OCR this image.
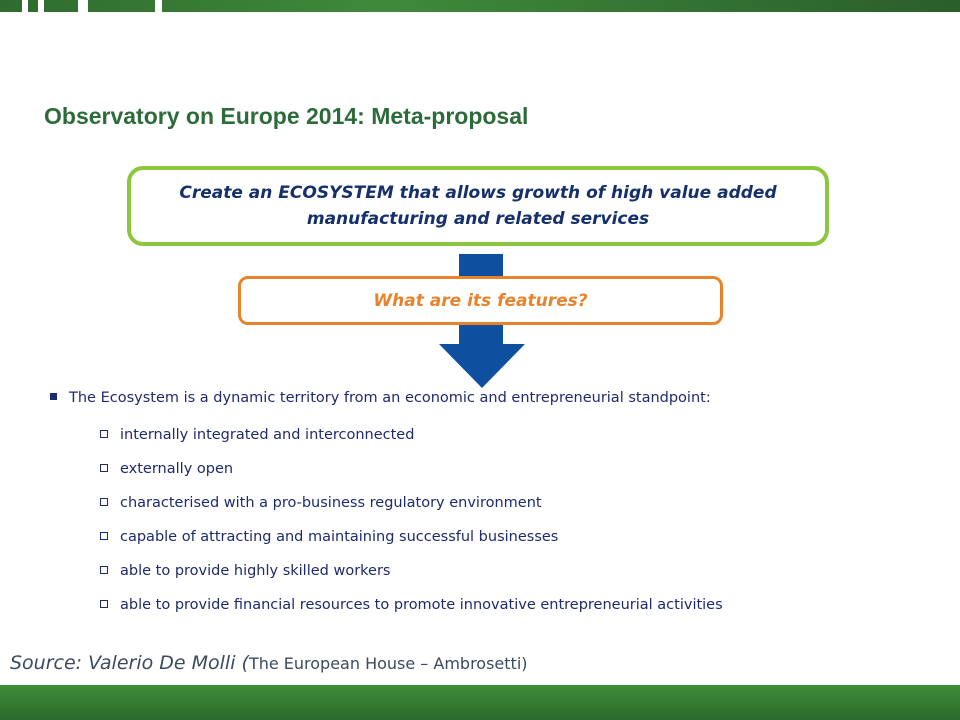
Observatory on Europe 2014: Meta-proposal
Create an ECOSYSTEM that allows growth of high value added
manufacturing and related services
What are its features?
The Ecosystem is a dynamic territory from an economic and entrepreneurial standpoint:
internally integrated and interconnected
externally open
characterised with a pro-business regulatory environment
capable of attracting and maintaining successful businesses
able to provide highly skilled workers
able to provide financial resources to promote innovative entrepreneurial activities
Source: Valerio De Molli (The European House – Ambrosetti)
